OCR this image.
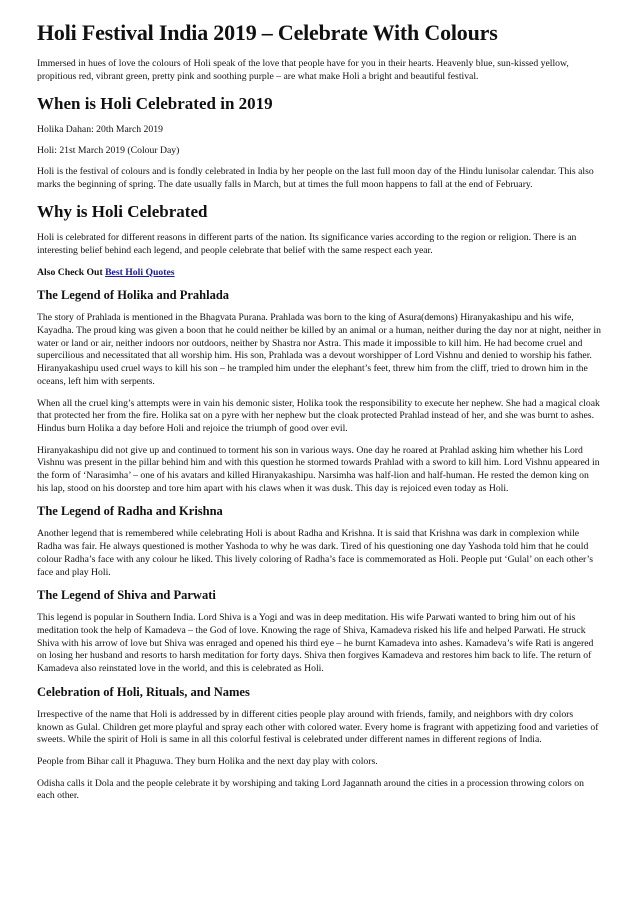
Holi Festival India 2019 – Celebrate With Colours

Immersed in hues of love the colours of Holi speak of the love that people have for you in their hearts. Heavenly blue, sun-kissed yellow, propitious red, vibrant green, pretty pink and soothing purple – are what make Holi a bright and beautiful festival.

When is Holi Celebrated in 2019

Holika Dahan: 20th March 2019

Holi: 21st March 2019 (Colour Day)

Holi is the festival of colours and is fondly celebrated in India by her people on the last full moon day of the Hindu lunisolar calendar. This also marks the beginning of spring. The date usually falls in March, but at times the full moon happens to fall at the end of February.

Why is Holi Celebrated

Holi is celebrated for different reasons in different parts of the nation. Its significance varies according to the region or religion. There is an interesting belief behind each legend, and people celebrate that belief with the same respect each year.

Also Check Out Best Holi Quotes
The Legend of Holika and Prahlada

The story of Prahlada is mentioned in the Bhagvata Purana. Prahlada was born to the king of Asura(demons) Hiranyakashipu and his wife, Kayadha. The proud king was given a boon that he could neither be killed by an animal or a human, neither during the day nor at night, neither in water or land or air, neither indoors nor outdoors, neither by Shastra nor Astra. This made it impossible to kill him. He had become cruel and supercilious and necessitated that all worship him. His son, Prahlada was a devout worshipper of Lord Vishnu and denied to worship his father. Hiranyakashipu used cruel ways to kill his son – he trampled him under the elephant’s feet, threw him from the cliff, tried to drown him in the oceans, left him with serpents.

When all the cruel king’s attempts were in vain his demonic sister, Holika took the responsibility to execute her nephew. She had a magical cloak that protected her from the fire. Holika sat on a pyre with her nephew but the cloak protected Prahlad instead of her, and she was burnt to ashes. Hindus burn Holika a day before Holi and rejoice the triumph of good over evil.

Hiranyakashipu did not give up and continued to torment his son in various ways. One day he roared at Prahlad asking him whether his Lord Vishnu was present in the pillar behind him and with this question he stormed towards Prahlad with a sword to kill him. Lord Vishnu appeared in the form of ‘Narasimha’ – one of his avatars and killed Hiranyakashipu. Narsimha was half-lion and half-human. He rested the demon king on his lap, stood on his doorstep and tore him apart with his claws when it was dusk. This day is rejoiced even today as Holi.

The Legend of Radha and Krishna

Another legend that is remembered while celebrating Holi is about Radha and Krishna. It is said that Krishna was dark in complexion while Radha was fair. He always questioned is mother Yashoda to why he was dark. Tired of his questioning one day Yashoda told him that he could colour Radha’s face with any colour he liked. This lively coloring of Radha’s face is commemorated as Holi. People put ‘Gulal’ on each other’s face and play Holi.

The Legend of Shiva and Parwati

This legend is popular in Southern India. Lord Shiva is a Yogi and was in deep meditation. His wife Parwati wanted to bring him out of his meditation took the help of Kamadeva – the God of love. Knowing the rage of Shiva, Kamadeva risked his life and helped Parwati. He struck Shiva with his arrow of love but Shiva was enraged and opened his third eye – he burnt Kamadeva into ashes. Kamadeva’s wife Rati is angered on losing her husband and resorts to harsh meditation for forty days. Shiva then forgives Kamadeva and restores him back to life. The return of Kamadeva also reinstated love in the world, and this is celebrated as Holi.

Celebration of Holi, Rituals, and Names

Irrespective of the name that Holi is addressed by in different cities people play around with friends, family, and neighbors with dry colors known as Gulal. Children get more playful and spray each other with colored water. Every home is fragrant with appetizing food and varieties of sweets. While the spirit of Holi is same in all this colorful festival is celebrated under different names in different regions of India.

People from Bihar call it Phaguwa. They burn Holika and the next day play with colors.

Odisha calls it Dola and the people celebrate it by worshiping and taking Lord Jagannath around the cities in a procession throwing colors on each other.
